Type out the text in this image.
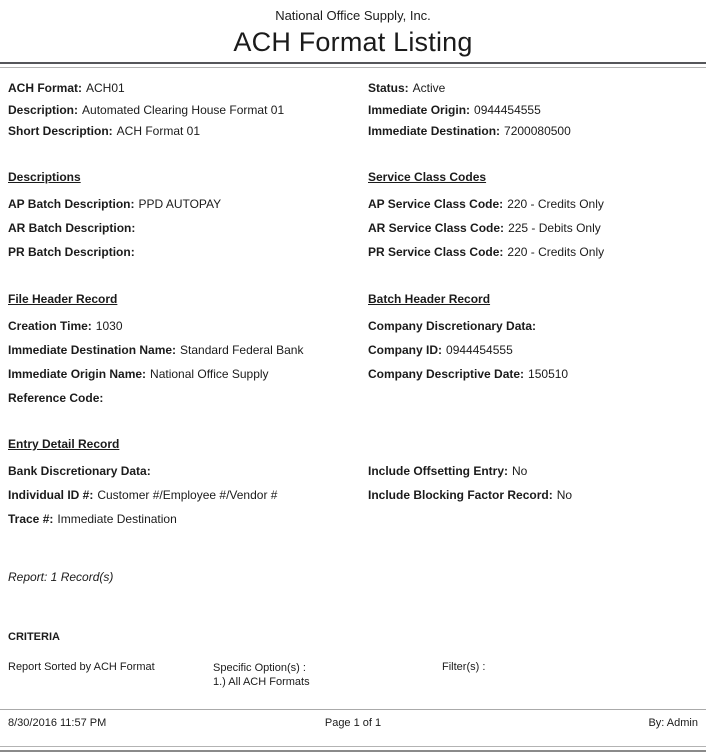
National Office Supply, Inc.
ACH Format Listing
ACH Format: ACH01
Description: Automated Clearing House Format 01
Short Description: ACH Format 01
Status: Active
Immediate Origin: 0944454555
Immediate Destination: 7200080500
Descriptions
AP Batch Description: PPD AUTOPAY
AR Batch Description:
PR Batch Description:
Service Class Codes
AP Service Class Code: 220 - Credits Only
AR Service Class Code: 225 - Debits Only
PR Service Class Code: 220 - Credits Only
File Header Record
Creation Time: 1030
Immediate Destination Name: Standard Federal Bank
Immediate Origin Name: National Office Supply
Reference Code:
Batch Header Record
Company Discretionary Data:
Company ID: 0944454555
Company Descriptive Date: 150510
Entry Detail Record
Bank Discretionary Data:
Individual ID #: Customer #/Employee #/Vendor #
Trace #: Immediate Destination
Include Offsetting Entry: No
Include Blocking Factor Record: No
Report: 1 Record(s)
CRITERIA
Report Sorted by ACH Format	Specific Option(s) :
1.) All ACH Formats
Filter(s) :
8/30/2016 11:57 PM	Page 1 of 1	By: Admin
